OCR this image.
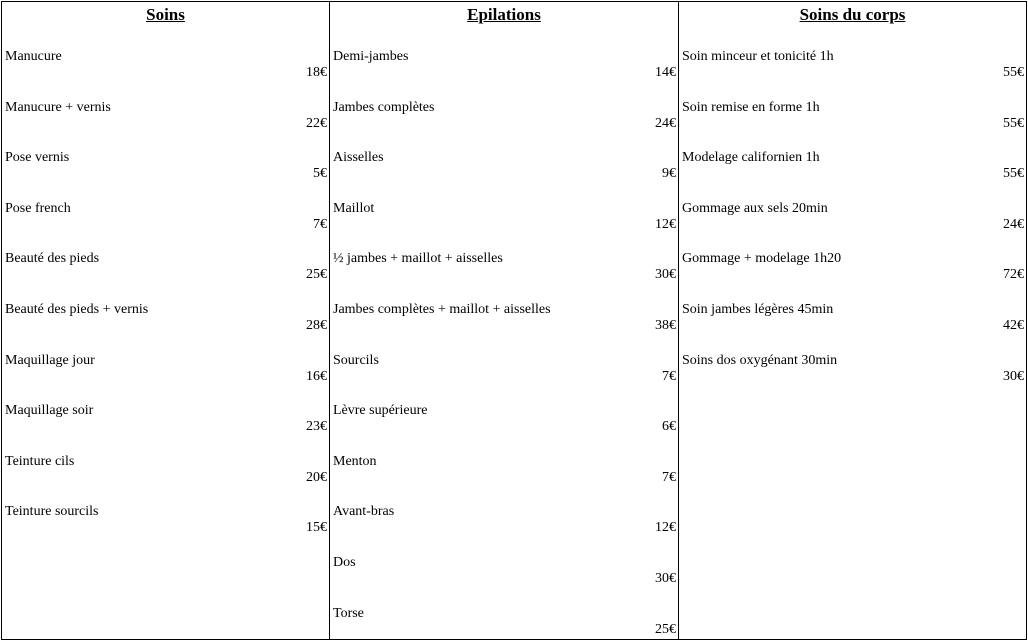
Soins
Manucure
18€
Manucure + vernis
22€
Pose vernis
5€
Pose french
7€
Beauté des pieds
25€
Beauté des pieds + vernis
28€
Maquillage jour
16€
Maquillage soir
23€
Teinture cils
20€
Teinture sourcils
15€
Epilations
Demi-jambes
14€
Jambes complètes
24€
Aisselles
9€
Maillot
12€
½ jambes + maillot + aisselles
30€
Jambes complètes + maillot + aisselles
38€
Sourcils
7€
Lèvre supérieure
6€
Menton
7€
Avant-bras
12€
Dos
30€
Torse
25€
Soins du corps
Soin minceur et tonicité 1h
55€
Soin remise en forme 1h
55€
Modelage californien 1h
55€
Gommage aux sels 20min
24€
Gommage + modelage 1h20
72€
Soin jambes légères 45min
42€
Soins dos oxygénant 30min
30€
